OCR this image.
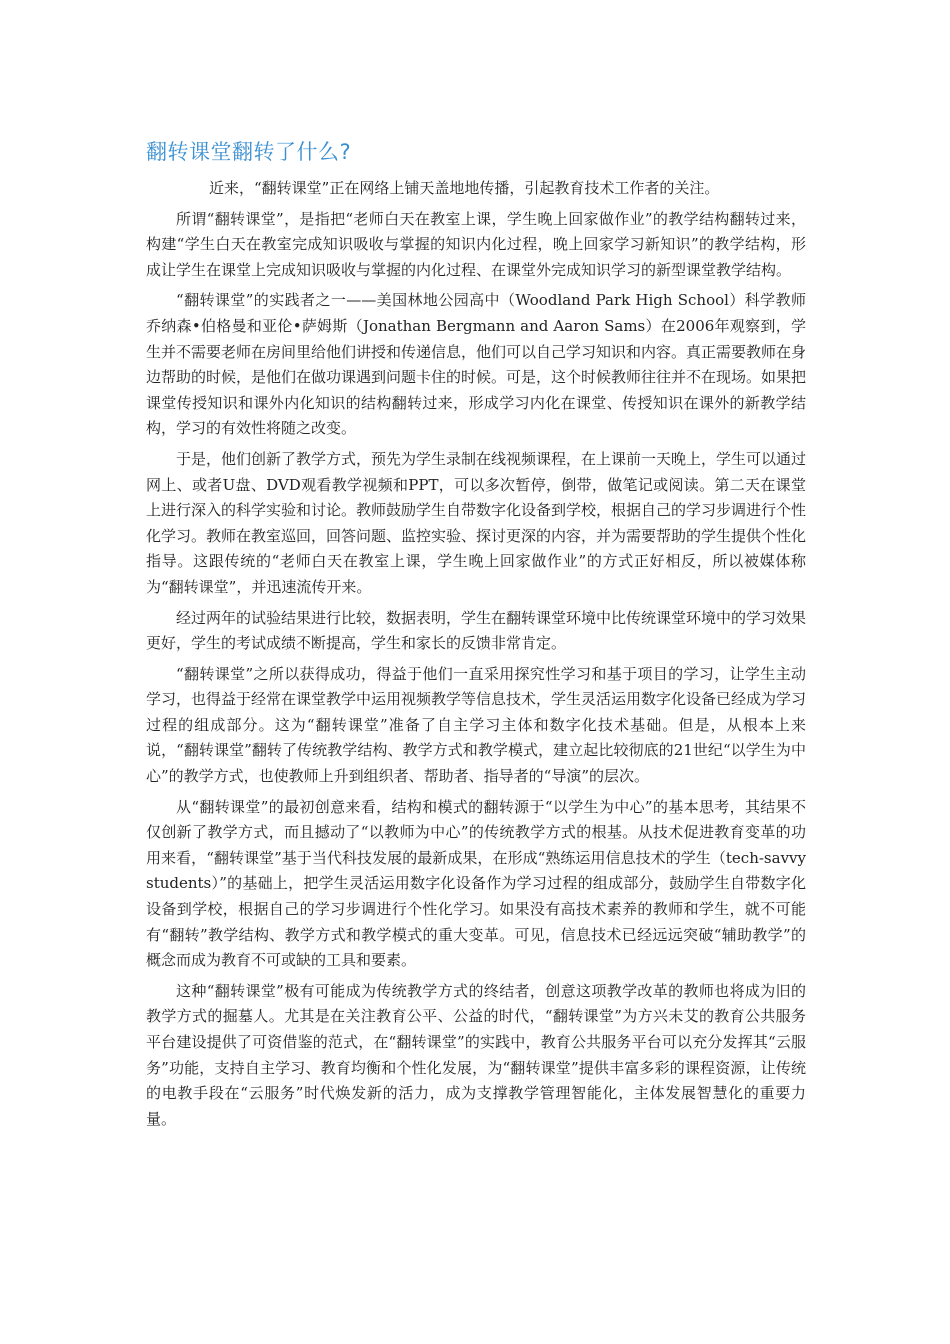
翻转课堂翻转了什么?

近来，“翻转课堂”正在网络上铺天盖地地传播，引起教育技术工作者的关注。

所谓“翻转课堂”，是指把“老师白天在教室上课，学生晚上回家做作业”的教学结构翻转过来，构建“学生白天在教室完成知识吸收与掌握的知识内化过程，晚上回家学习新知识”的教学结构，形成让学生在课堂上完成知识吸收与掌握的内化过程、在课堂外完成知识学习的新型课堂教学结构。

“翻转课堂”的实践者之一——美国林地公园高中（Woodland Park High School）科学教师乔纳森•伯格曼和亚伦•萨姆斯（Jonathan Bergmann and Aaron Sams）在2006年观察到，学生并不需要老师在房间里给他们讲授和传递信息，他们可以自己学习知识和内容。真正需要教师在身边帮助的时候，是他们在做功课遇到问题卡住的时候。可是，这个时候教师往往并不在现场。如果把课堂传授知识和课外内化知识的结构翻转过来，形成学习内化在课堂、传授知识在课外的新教学结构，学习的有效性将随之改变。

于是，他们创新了教学方式，预先为学生录制在线视频课程，在上课前一天晚上，学生可以通过网上、或者U盘、DVD观看教学视频和PPT，可以多次暂停，倒带，做笔记或阅读。第二天在课堂上进行深入的科学实验和讨论。教师鼓励学生自带数字化设备到学校，根据自己的学习步调进行个性化学习。教师在教室巡回，回答问题、监控实验、探讨更深的内容，并为需要帮助的学生提供个性化指导。这跟传统的“老师白天在教室上课，学生晚上回家做作业”的方式正好相反，所以被媒体称为“翻转课堂”，并迅速流传开来。

经过两年的试验结果进行比较，数据表明，学生在翻转课堂环境中比传统课堂环境中的学习效果更好，学生的考试成绩不断提高，学生和家长的反馈非常肯定。

“翻转课堂”之所以获得成功，得益于他们一直采用探究性学习和基于项目的学习，让学生主动学习，也得益于经常在课堂教学中运用视频教学等信息技术，学生灵活运用数字化设备已经成为学习过程的组成部分。这为“翻转课堂”准备了自主学习主体和数字化技术基础。但是，从根本上来说，“翻转课堂”翻转了传统教学结构、教学方式和教学模式，建立起比较彻底的21世纪“以学生为中心”的教学方式，也使教师上升到组织者、帮助者、指导者的“导演”的层次。

从“翻转课堂”的最初创意来看，结构和模式的翻转源于“以学生为中心”的基本思考，其结果不仅创新了教学方式，而且撼动了“以教师为中心”的传统教学方式的根基。从技术促进教育变革的功用来看，“翻转课堂”基于当代科技发展的最新成果，在形成“熟练运用信息技术的学生（tech-savvy students）”的基础上，把学生灵活运用数字化设备作为学习过程的组成部分，鼓励学生自带数字化设备到学校，根据自己的学习步调进行个性化学习。如果没有高技术素养的教师和学生，就不可能有“翻转”教学结构、教学方式和教学模式的重大变革。可见，信息技术已经远远突破“辅助教学”的概念而成为教育不可或缺的工具和要素。

这种“翻转课堂”极有可能成为传统教学方式的终结者，创意这项教学改革的教师也将成为旧的教学方式的掘墓人。尤其是在关注教育公平、公益的时代，“翻转课堂”为方兴未艾的教育公共服务平台建设提供了可资借鉴的范式，在“翻转课堂”的实践中，教育公共服务平台可以充分发挥其“云服务”功能，支持自主学习、教育均衡和个性化发展，为“翻转课堂”提供丰富多彩的课程资源，让传统的电教手段在“云服务”时代焕发新的活力，成为支撑教学管理智能化，主体发展智慧化的重要力量。
